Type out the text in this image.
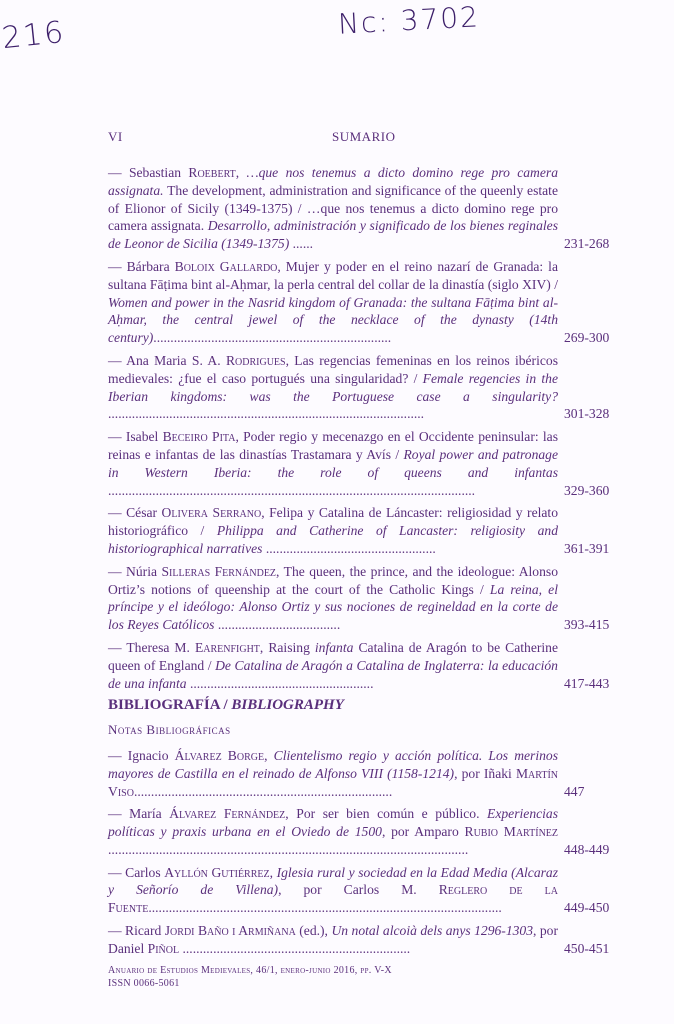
216	Nc: 3702
VI	SUMARIO
— Sebastian Roebert, …que nos tenemus a dicto domino rege pro camera assignata. The development, administration and significance of the queenly estate of Elionor of Sicily (1349-1375) / …que nos tenemus a dicto domino rege pro camera assignata. Desarrollo, administración y significado de los bienes reginales de Leonor de Sicilia (1349-1375) ......	231-268
— Bárbara Boloix Gallardo, Mujer y poder en el reino nazarí de Granada: la sultana Fāṭima bint al-Aḥmar, la perla central del collar de la dinastía (siglo XIV) / Women and power in the Nasrid kingdom of Granada: the sultana Fāṭima bint al-Aḥmar, the central jewel of the necklace of the dynasty (14th century)......................................................................	269-300
— Ana Maria S. A. Rodrigues, Las regencias femeninas en los reinos ibéricos medievales: ¿fue el caso portugués una singularidad? / Female regencies in the Iberian kingdoms: was the Portuguese case a singularity? .............................................................................................	301-328
— Isabel Beceiro Pita, Poder regio y mecenazgo en el Occidente peninsular: las reinas e infantas de las dinastías Trastamara y Avís / Royal power and patronage in Western Iberia: the role of queens and infantas ............................................................................................................	329-360
— César Olivera Serrano, Felipa y Catalina de Láncaster: religiosidad y relato historiográfico / Philippa and Catherine of Lancaster: religiosity and historiographical narratives ..................................................	361-391
— Núria Silleras Fernández, The queen, the prince, and the ideologue: Alonso Ortiz’s notions of queenship at the court of the Catholic Kings / La reina, el príncipe y el ideólogo: Alonso Ortiz y sus nociones de regineldad en la corte de los Reyes Católicos ....................................	393-415
— Theresa M. Earenfight, Raising infanta Catalina de Aragón to be Catherine queen of England / De Catalina de Aragón a Catalina de Inglaterra: la educación de una infanta ......................................................	417-443
BIBLIOGRAFÍA / BIBLIOGRAPHY
Notas Bibliográficas
— Ignacio Álvarez Borge, Clientelismo regio y acción política. Los merinos mayores de Castilla en el reinado de Alfonso VIII (1158-1214), por Iñaki Martín Viso............................................................................	447
— María Álvarez Fernández, Por ser bien común e público. Experiencias políticas y praxis urbana en el Oviedo de 1500, por Amparo Rubio Martínez ..........................................................................................................	448-449
— Carlos Ayllón Gutiérrez, Iglesia rural y sociedad en la Edad Media (Alcaraz y Señorío de Villena), por Carlos M. Reglero de la Fuente........................................................................................................	449-450
— Ricard Jordi Baño i Armiñana (ed.), Un notal alcoià dels anys 1296-1303, por Daniel Piñol ...................................................................	450-451
Anuario de Estudios Medievales, 46/1, enero-junio 2016, pp. V-X
ISSN 0066-5061
